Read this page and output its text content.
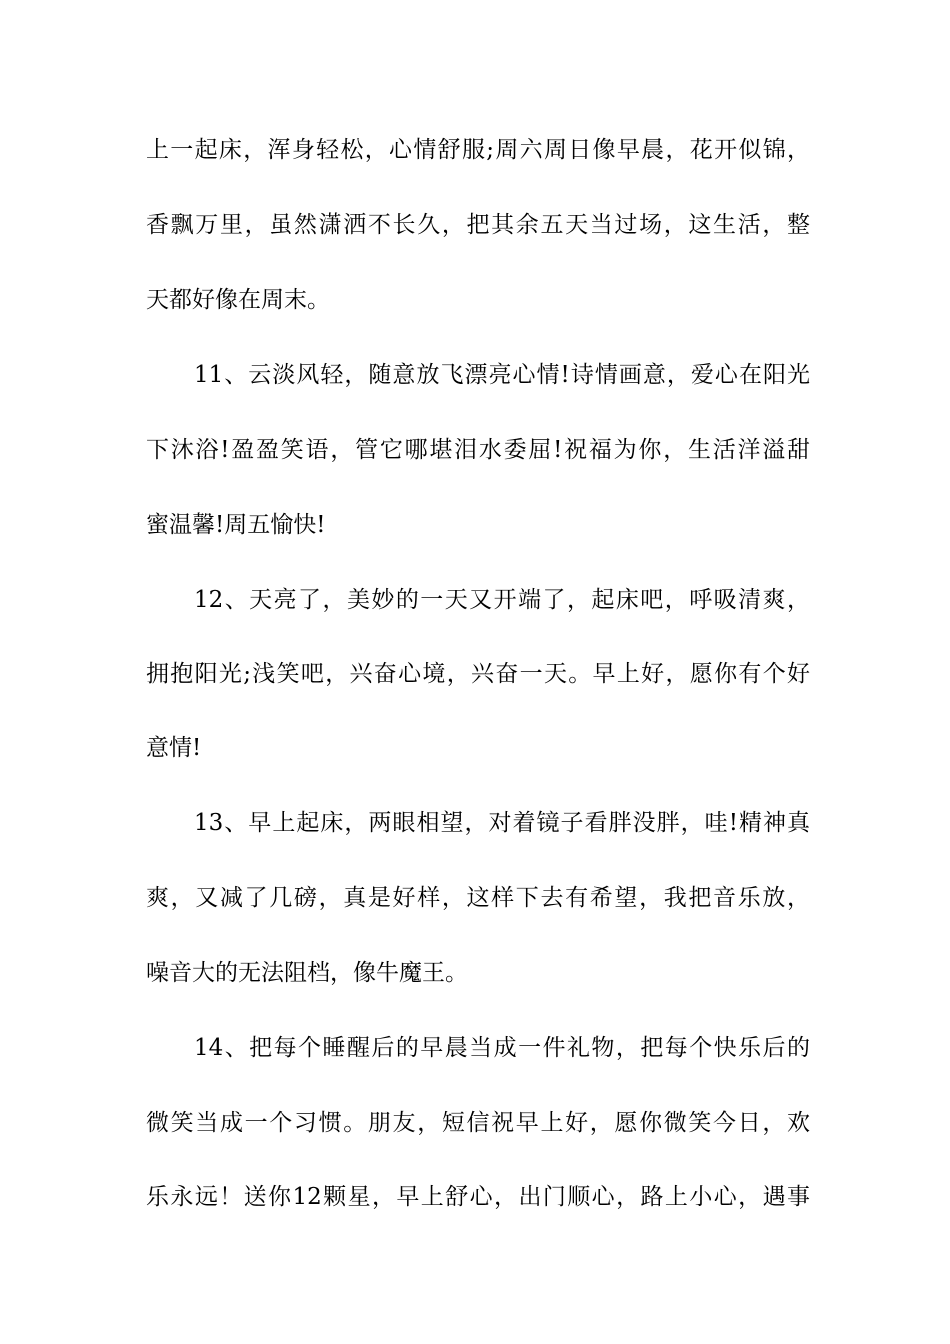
上一起床，浑身轻松，心情舒服;周六周日像早晨，花开似锦，
香飘万里，虽然潇洒不长久，把其余五天当过场，这生活，整
天都好像在周末。
11、云淡风轻，随意放飞漂亮心情!诗情画意，爱心在阳光
下沐浴!盈盈笑语，管它哪堪泪水委屈!祝福为你，生活洋溢甜
蜜温馨!周五愉快!
12、天亮了，美妙的一天又开端了，起床吧，呼吸清爽，
拥抱阳光;浅笑吧，兴奋心境，兴奋一天。早上好，愿你有个好
意情!
13、早上起床，两眼相望，对着镜子看胖没胖，哇!精神真
爽，又减了几磅，真是好样，这样下去有希望，我把音乐放，
噪音大的无法阻档，像牛魔王。
14、把每个睡醒后的早晨当成一件礼物，把每个快乐后的
微笑当成一个习惯。朋友，短信祝早上好，愿你微笑今日，欢
乐永远！送你12颗星，早上舒心，出门顺心，路上小心，遇事
